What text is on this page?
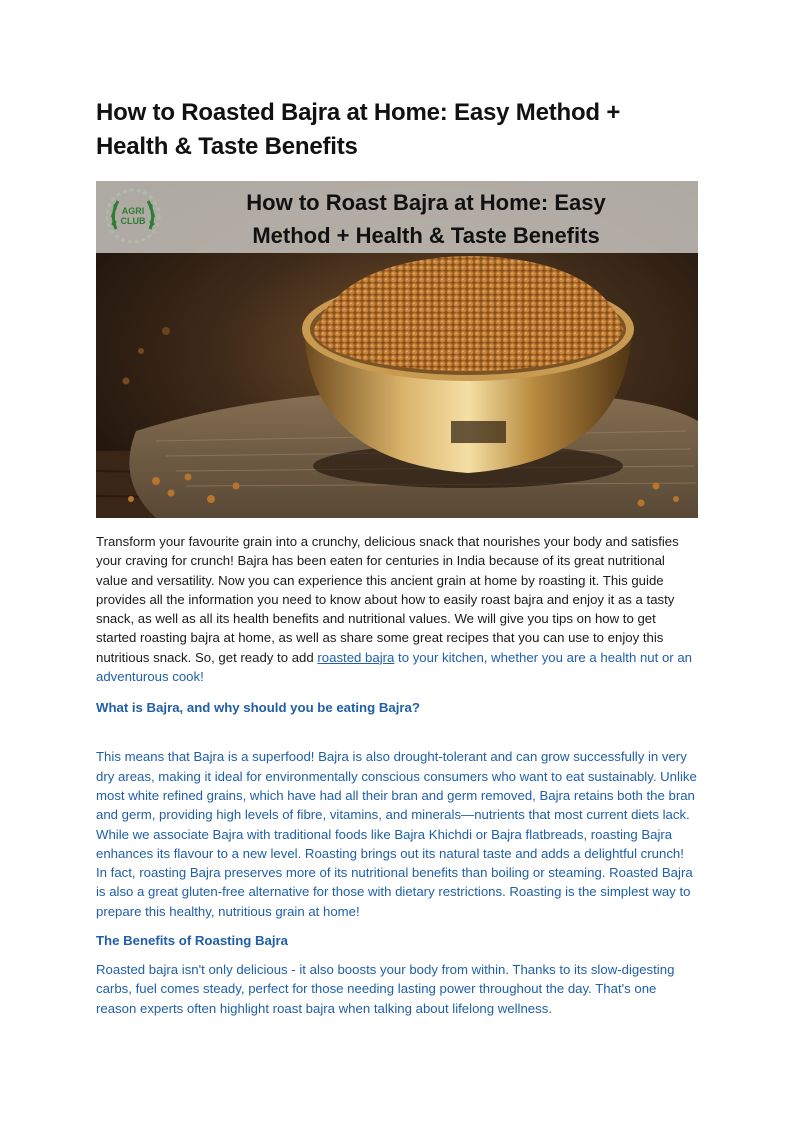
How to Roasted Bajra at Home: Easy Method + Health & Taste Benefits
AGRI CLUB
How to Roast Bajra at Home: Easy Method + Health & Taste Benefits

Transform your favourite grain into a crunchy, delicious snack that nourishes your body and satisfies your craving for crunch! Bajra has been eaten for centuries in India because of its great nutritional value and versatility. Now you can experience this ancient grain at home by roasting it. This guide provides all the information you need to know about how to easily roast bajra and enjoy it as a tasty snack, as well as all its health benefits and nutritional values. We will give you tips on how to get started roasting bajra at home, as well as share some great recipes that you can use to enjoy this nutritious snack. So, get ready to add roasted bajra to your kitchen, whether you are a health nut or an adventurous cook!

What is Bajra, and why should you be eating Bajra?

This means that Bajra is a superfood! Bajra is also drought-tolerant and can grow successfully in very dry areas, making it ideal for environmentally conscious consumers who want to eat sustainably. Unlike most white refined grains, which have had all their bran and germ removed, Bajra retains both the bran and germ, providing high levels of fibre, vitamins, and minerals—nutrients that most current diets lack. While we associate Bajra with traditional foods like Bajra Khichdi or Bajra flatbreads, roasting Bajra enhances its flavour to a new level. Roasting brings out its natural taste and adds a delightful crunch! In fact, roasting Bajra preserves more of its nutritional benefits than boiling or steaming. Roasted Bajra is also a great gluten-free alternative for those with dietary restrictions. Roasting is the simplest way to prepare this healthy, nutritious grain at home!

The Benefits of Roasting Bajra

Roasted bajra isn't only delicious - it also boosts your body from within. Thanks to its slow-digesting carbs, fuel comes steady, perfect for those needing lasting power throughout the day. That's one reason experts often highlight roast bajra when talking about lifelong wellness.
